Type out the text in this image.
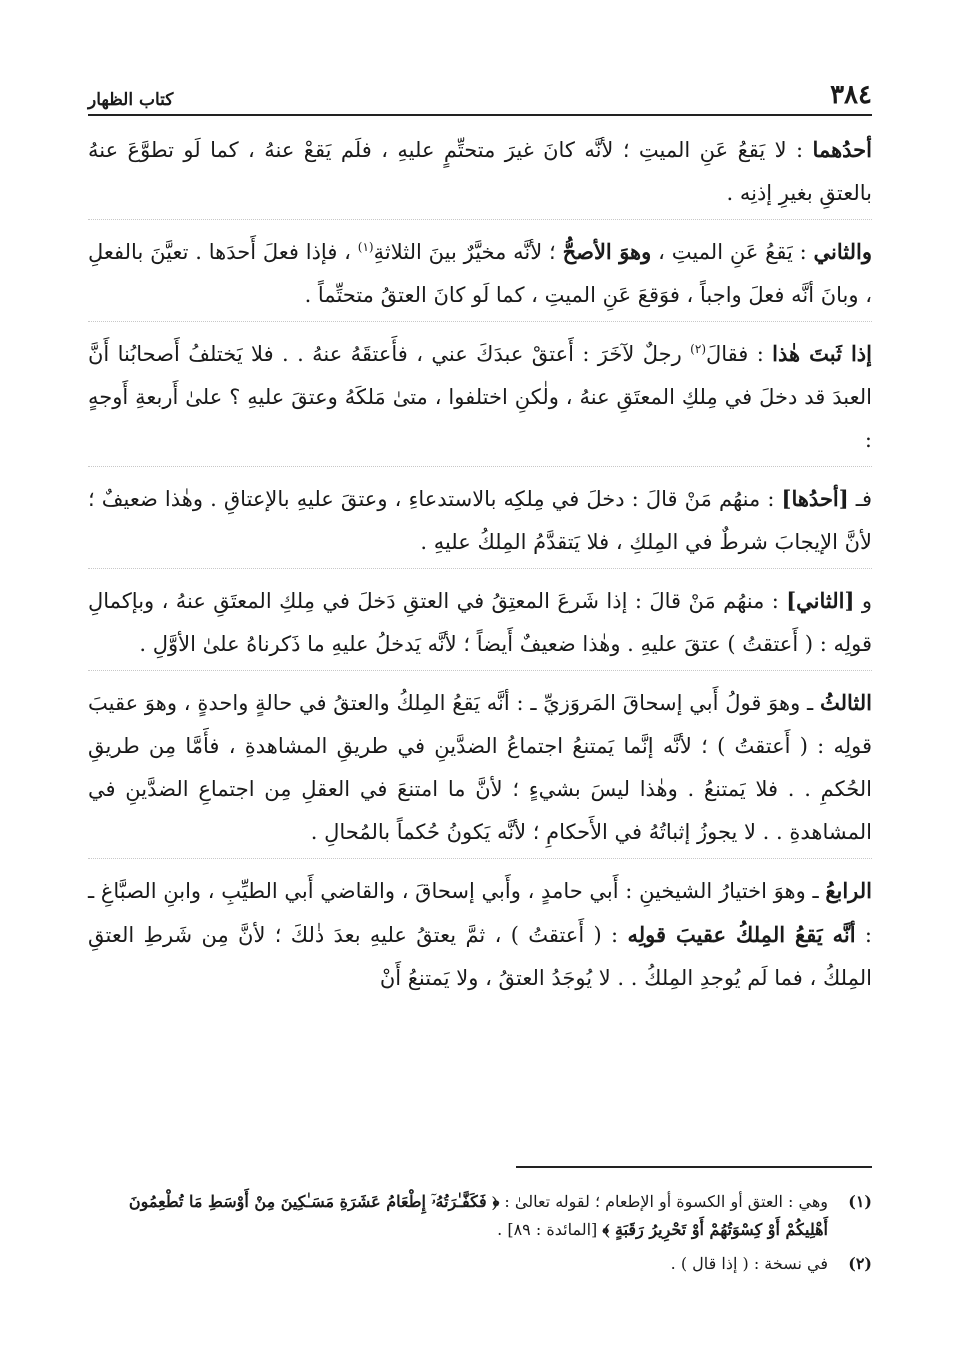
٣٨٤
كتاب الظهار

أحدُهما : لا يَقعُ عَنِ الميتِ ؛ لأنَّه كانَ غيرَ متحتِّمٍ عليهِ ، فلَم يَقعْ عنهُ ، كما لَو تطوَّعَ عنهُ بالعتقِ بغيرِ إذنِه .

والثاني : يَقعُ عَنِ الميتِ ، وهوَ الأصحُّ ؛ لأنَّه مخيَّرٌ بينَ الثلاثةِ$^{(١)}$ ، فإذا فعلَ أَحدَها . تعيَّنَ بالفعلِ ، وبانَ أنَّه فعلَ واجباً ، فوَقعَ عَنِ الميتِ ، كما لَو كانَ العتقُ متحتِّماً .

إذا ثَبتَ هٰذا : فقالَ$^{(٢)}$ رجلٌ لآخَرَ : أَعتقْ عبدَكَ عني ، فأَعتقَهُ عنهُ . . فلا يَختلفُ أَصحابُنا أَنَّ العبدَ قد دخلَ في مِلكِ المعتَقِ عنهُ ، ولٰكنِ اختلفوا ، متىٰ مَلكَهُ وعتقَ عليهِ ؟ علىٰ أَربعةِ أَوجهٍ :

فـ [أحدُها] : منهُم مَنْ قالَ : دخلَ في مِلكِه بالاستدعاءِ ، وعتقَ عليهِ بالإعتاقِ . وهٰذا ضعيفٌ ؛ لأنَّ الإيجابَ شرطٌ في المِلكِ ، فلا يَتقدَّمُ المِلكُ عليهِ .

و [الثاني] : منهُم مَنْ قالَ : إذا شَرعَ المعتِقُ في العتقِ دَخلَ في مِلكِ المعتَقِ عنهُ ، وبإكمالِ قولِه : ( أَعتقتُ ) عتقَ عليهِ . وهٰذا ضعيفٌ أَيضاً ؛ لأنَّه يَدخلُ عليهِ ما ذَكرناهُ علىٰ الأوَّلِ .

الثالثُ ـ وهوَ قولُ أَبي إسحاقَ المَروَزيِّ ـ : أنَّه يَقعُ المِلكُ والعتقُ في حالةٍ واحدةٍ ، وهوَ عقيبَ قولِه : ( أَعتقتُ ) ؛ لأنَّه إنَّما يَمتنعُ اجتماعُ الضدَّينِ في طريقِ المشاهدةِ ، فأَمَّا مِن طريقِ الحُكمِ . . فلا يَمتنعُ . وهٰذا ليسَ بشيءٍ ؛ لأنَّ ما امتنعَ في العقلِ مِن اجتماعِ الضدَّينِ في المشاهدةِ . . لا يجوزُ إثباتُهُ في الأَحكامِ ؛ لأنَّه يَكونُ حُكماً بالمُحالِ .

الرابعُ ـ وهوَ اختيارُ الشيخينِ : أَبي حامدٍ ، وأَبي إسحاقَ ، والقاضي أَبي الطيِّبِ ، وابنِ الصبَّاغِ ـ : أنَّه يَقعُ المِلكُ عقيبَ قولِه : ( أَعتقتُ ) ، ثمَّ يعتقُ عليهِ بعدَ ذٰلكَ ؛ لأنَّ مِن شَرطِ العتقِ المِلكُ ، فما لَم يُوجدِ المِلكُ . . لا يُوجَدُ العتقُ ، ولا يَمتنعُ أَنْ

(١)
وهي : العتق أو الكسوة أو الإطعام ؛ لقوله تعالىٰ : ﴿ فَكَفَّـٰرَتُهُۥٓ إِطْعَامُ عَشَرَةِ مَسَـٰكِينَ مِنْ أَوْسَطِ مَا تُطْعِمُونَ أَهْلِيكُمْ أَوْ كِسْوَتُهُمْ أَوْ تَحْرِيرُ رَقَبَةٍ ﴾ [المائدة : ٨٩] .
(٢)
في نسخة : ( إذا قال ) .
